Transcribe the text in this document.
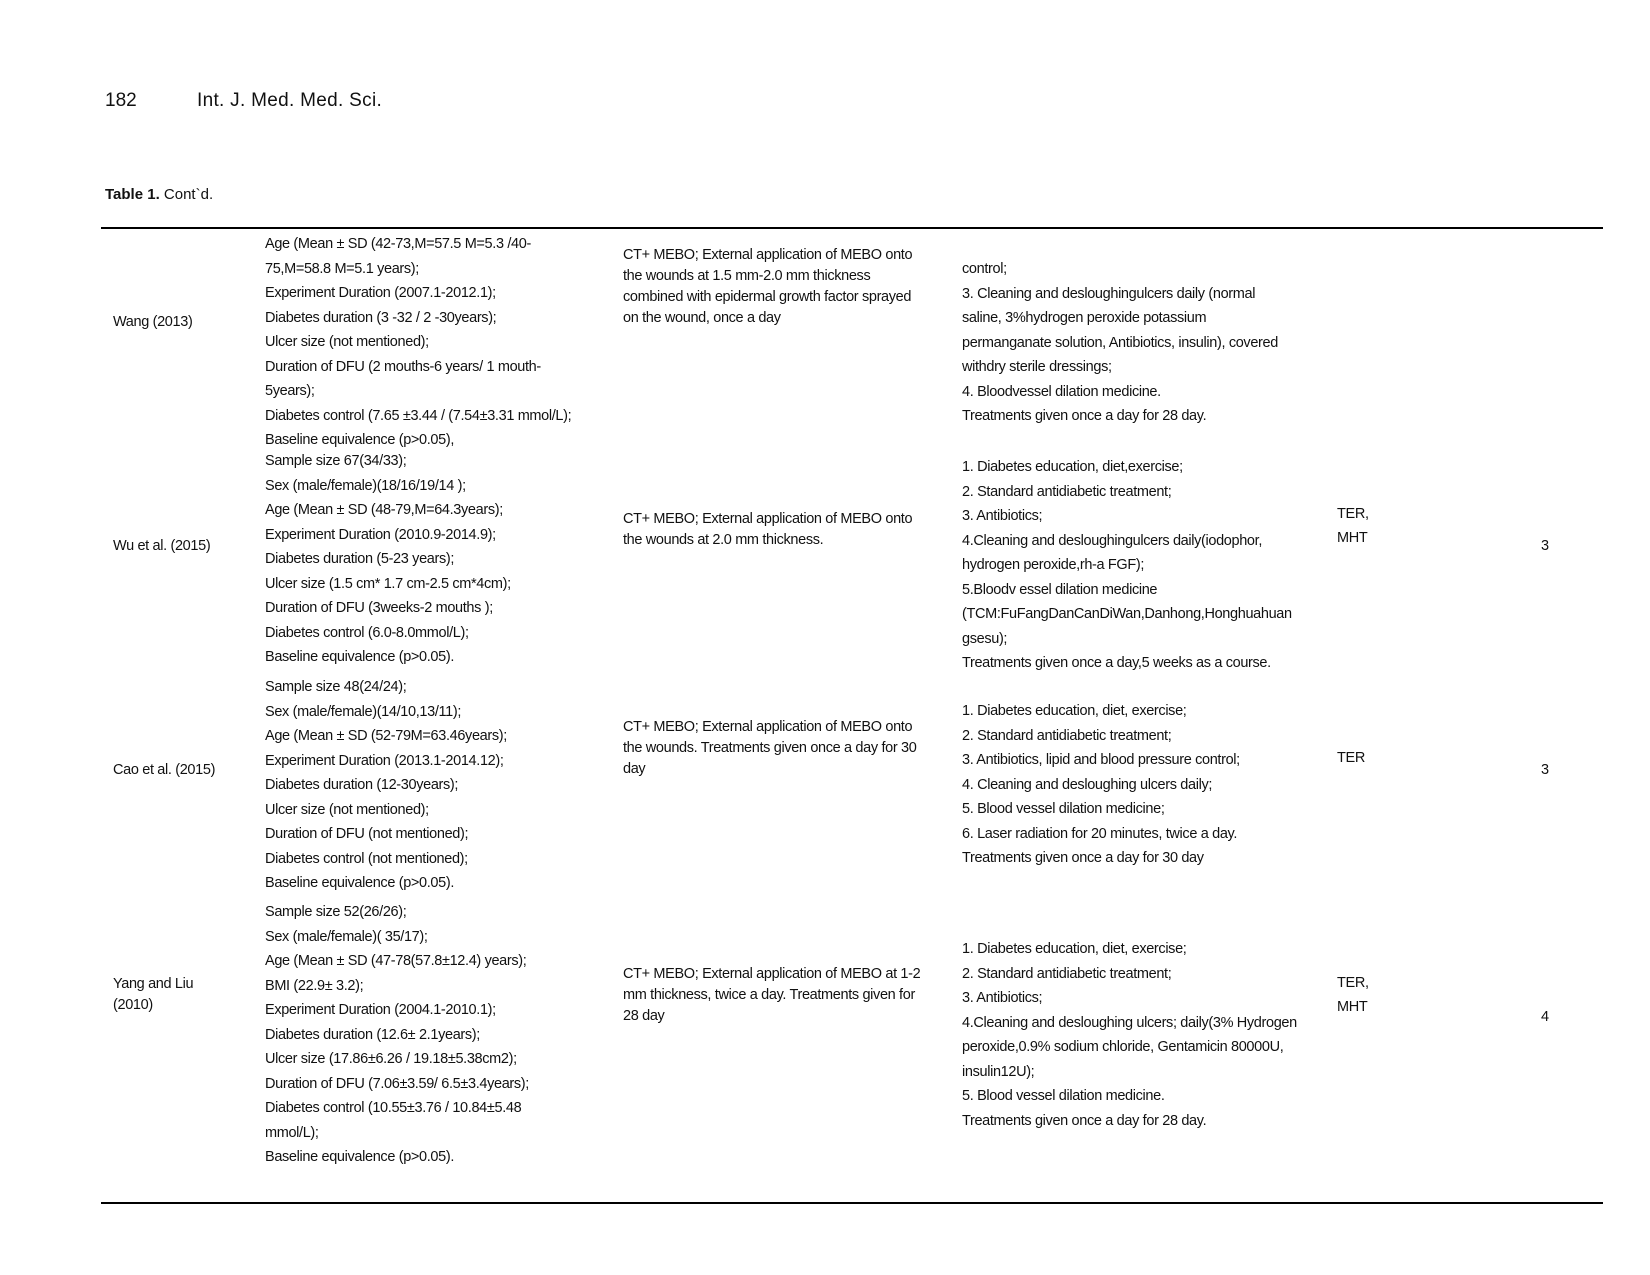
182	Int. J. Med. Med. Sci.
Table 1. Cont`d.
Age (Mean ± SD (42-73,M=57.5 M=5.3 /40-
75,M=58.8 M=5.1 years);
Experiment Duration (2007.1-2012.1);
Diabetes duration (3 -32 / 2 -30years);
Ulcer size (not mentioned);
Duration of DFU (2 mouths-6 years/ 1 mouth-
5years);
Diabetes control (7.65 ±3.44 / (7.54±3.31 mmol/L);
Baseline equivalence (p>0.05),
Wang (2013)
CT+ MEBO; External application of MEBO onto
the wounds at 1.5 mm-2.0 mm thickness
combined with epidermal growth factor sprayed
on the wound, once a day
control;
3. Cleaning and desloughingulcers daily (normal
saline, 3%hydrogen peroxide potassium
permanganate solution, Antibiotics, insulin), covered
withdry sterile dressings;
4. Bloodvessel dilation medicine.
Treatments given once a day for 28 day.
Sample size 67(34/33);
Sex (male/female)(18/16/19/14 );
Age (Mean ± SD (48-79,M=64.3years);
Experiment Duration (2010.9-2014.9);
Diabetes duration (5-23 years);
Ulcer size (1.5 cm* 1.7 cm-2.5 cm*4cm);
Duration of DFU (3weeks-2 mouths );
Diabetes control (6.0-8.0mmol/L);
Baseline equivalence (p>0.05).
Wu et al. (2015)
CT+ MEBO; External application of MEBO onto
the wounds at 2.0 mm thickness.
1. Diabetes education, diet,exercise;
2. Standard antidiabetic treatment;
3. Antibiotics;
4.Cleaning and desloughingulcers daily(iodophor,
hydrogen peroxide,rh-a FGF);
5.Bloodv essel dilation medicine
(TCM:FuFangDanCanDiWan,Danhong,Honghuahuan
gsesu);
Treatments given once a day,5 weeks as a course.
TER,
MHT	3
Sample size 48(24/24);
Sex (male/female)(14/10,13/11);
Age (Mean ± SD (52-79M=63.46years);
Experiment Duration (2013.1-2014.12);
Diabetes duration (12-30years);
Ulcer size (not mentioned);
Duration of DFU (not mentioned);
Diabetes control (not mentioned);
Baseline equivalence (p>0.05).
Cao et al. (2015)
CT+ MEBO; External application of MEBO onto
the wounds. Treatments given once a day for 30
day
1. Diabetes education, diet, exercise;
2. Standard antidiabetic treatment;
3. Antibiotics, lipid and blood pressure control;
4. Cleaning and desloughing ulcers daily;
5. Blood vessel dilation medicine;
6. Laser radiation for 20 minutes, twice a day.
Treatments given once a day for 30 day
TER
3
Sample size 52(26/26);
Sex (male/female)( 35/17);
Age (Mean ± SD (47-78(57.8±12.4) years);
BMI (22.9± 3.2);
Experiment Duration (2004.1-2010.1);
Diabetes duration (12.6± 2.1years);
Ulcer size (17.86±6.26 / 19.18±5.38cm2);
Duration of DFU (7.06±3.59/ 6.5±3.4years);
Diabetes control (10.55±3.76 / 10.84±5.48
mmol/L);
Baseline equivalence (p>0.05).
Yang and Liu
(2010)
CT+ MEBO; External application of MEBO at 1-2
mm thickness, twice a day. Treatments given for
28 day
1. Diabetes education, diet, exercise;
2. Standard antidiabetic treatment;
3. Antibiotics;
4.Cleaning and desloughing ulcers; daily(3% Hydrogen
peroxide,0.9% sodium chloride, Gentamicin 80000U,
insulin12U);
5. Blood vessel dilation medicine.
Treatments given once a day for 28 day.
TER,
MHT
4
